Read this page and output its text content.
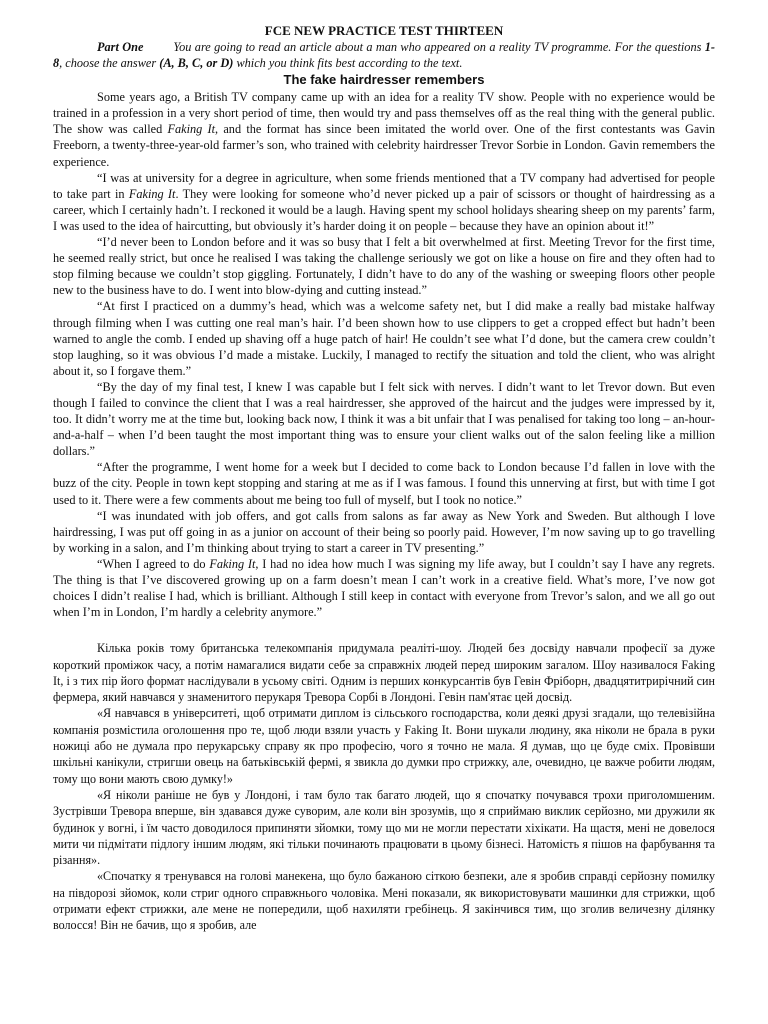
FCE NEW PRACTICE TEST THIRTEEN

Part One You are going to read an article about a man who appeared on a reality TV programme. For the questions 1-8, choose the answer (A, B, C, or D) which you think fits best according to the text.

The fake hairdresser remembers

Some years ago, a British TV company came up with an idea for a reality TV show. People with no experience would be trained in a profession in a very short period of time, then would try and pass themselves off as the real thing with the general public. The show was called Faking It, and the format has since been imitated the world over. One of the first contestants was Gavin Freeborn, a twenty-three-year-old farmer’s son, who trained with celebrity hairdresser Trevor Sorbie in London. Gavin remembers the experience.

“I was at university for a degree in agriculture, when some friends mentioned that a TV company had advertised for people to take part in Faking It. They were looking for someone who’d never picked up a pair of scissors or thought of hairdressing as a career, which I certainly hadn’t. I reckoned it would be a laugh. Having spent my school holidays shearing sheep on my parents’ farm, I was used to the idea of haircutting, but obviously it’s harder doing it on people – because they have an opinion about it!”

“I’d never been to London before and it was so busy that I felt a bit overwhelmed at first. Meeting Trevor for the first time, he seemed really strict, but once he realised I was taking the challenge seriously we got on like a house on fire and they often had to stop filming because we couldn’t stop giggling. Fortunately, I didn’t have to do any of the washing or sweeping floors other people new to the business have to do. I went into blow-dying and cutting instead.”

“At first I practiced on a dummy’s head, which was a welcome safety net, but I did make a really bad mistake halfway through filming when I was cutting one real man’s hair. I’d been shown how to use clippers to get a cropped effect but hadn’t been warned to angle the comb. I ended up shaving off a huge patch of hair! He couldn’t see what I’d done, but the camera crew couldn’t stop laughing, so it was obvious I’d made a mistake. Luckily, I managed to rectify the situation and told the client, who was alright about it, so I forgave them.”

“By the day of my final test, I knew I was capable but I felt sick with nerves. I didn’t want to let Trevor down. But even though I failed to convince the client that I was a real hairdresser, she approved of the haircut and the judges were impressed by it, too. It didn’t worry me at the time but, looking back now, I think it was a bit unfair that I was penalised for taking too long – an-hour-and-a-half – when I’d been taught the most important thing was to ensure your client walks out of the salon feeling like a million dollars.”

“After the programme, I went home for a week but I decided to come back to London because I’d fallen in love with the buzz of the city. People in town kept stopping and staring at me as if I was famous. I found this unnerving at first, but with time I got used to it. There were a few comments about me being too full of myself, but I took no notice.”

“I was inundated with job offers, and got calls from salons as far away as New York and Sweden. But although I love hairdressing, I was put off going in as a junior on account of their being so poorly paid. However, I’m now saving up to go travelling by working in a salon, and I’m thinking about trying to start a career in TV presenting.”

“When I agreed to do Faking It, I had no idea how much I was signing my life away, but I couldn’t say I have any regrets. The thing is that I’ve discovered growing up on a farm doesn’t mean I can’t work in a creative field. What’s more, I’ve now got choices I didn’t realise I had, which is brilliant. Although I still keep in contact with everyone from Trevor’s salon, and we all go out when I’m in London, I’m hardly a celebrity anymore.”

Кілька років тому британська телекомпанія придумала реаліті-шоу. Людей без досвіду навчали професії за дуже короткий проміжок часу, а потім намагалися видати себе за справжніх людей перед широким загалом. Шоу називалося Faking It, і з тих пір його формат наслідували в усьому світі. Одним із перших конкурсантів був Гевін Фріборн, двадцятитрирічний син фермера, який навчався у знаменитого перукаря Тревора Сорбі в Лондоні. Гевін пам'ятає цей досвід.

«Я навчався в університеті, щоб отримати диплом із сільського господарства, коли деякі друзі згадали, що телевізійна компанія розмістила оголошення про те, щоб люди взяли участь у Faking It. Вони шукали людину, яка ніколи не брала в руки ножиці або не думала про перукарську справу як про професію, чого я точно не мала. Я думав, що це буде сміх. Провівши шкільні канікули, стригши овець на батьківській фермі, я звикла до думки про стрижку, але, очевидно, це важче робити людям, тому що вони мають свою думку!»

«Я ніколи раніше не був у Лондоні, і там було так багато людей, що я спочатку почувався трохи приголомшеним. Зустрівши Тревора вперше, він здавався дуже суворим, але коли він зрозумів, що я сприймаю виклик серйозно, ми дружили як будинок у вогні, і їм часто доводилося припиняти зйомки, тому що ми не могли перестати хіхікати. На щастя, мені не довелося мити чи підмітати підлогу іншим людям, які тільки починають працювати в цьому бізнесі. Натомість я пішов на фарбування та різання».

«Спочатку я тренувався на голові манекена, що було бажаною сіткою безпеки, але я зробив справді серйозну помилку на півдорозі зйомок, коли стриг одного справжнього чоловіка. Мені показали, як використовувати машинки для стрижки, щоб отримати ефект стрижки, але мене не попередили, щоб нахиляти гребінець. Я закінчився тим, що зголив величезну ділянку волосся! Він не бачив, що я зробив, але
